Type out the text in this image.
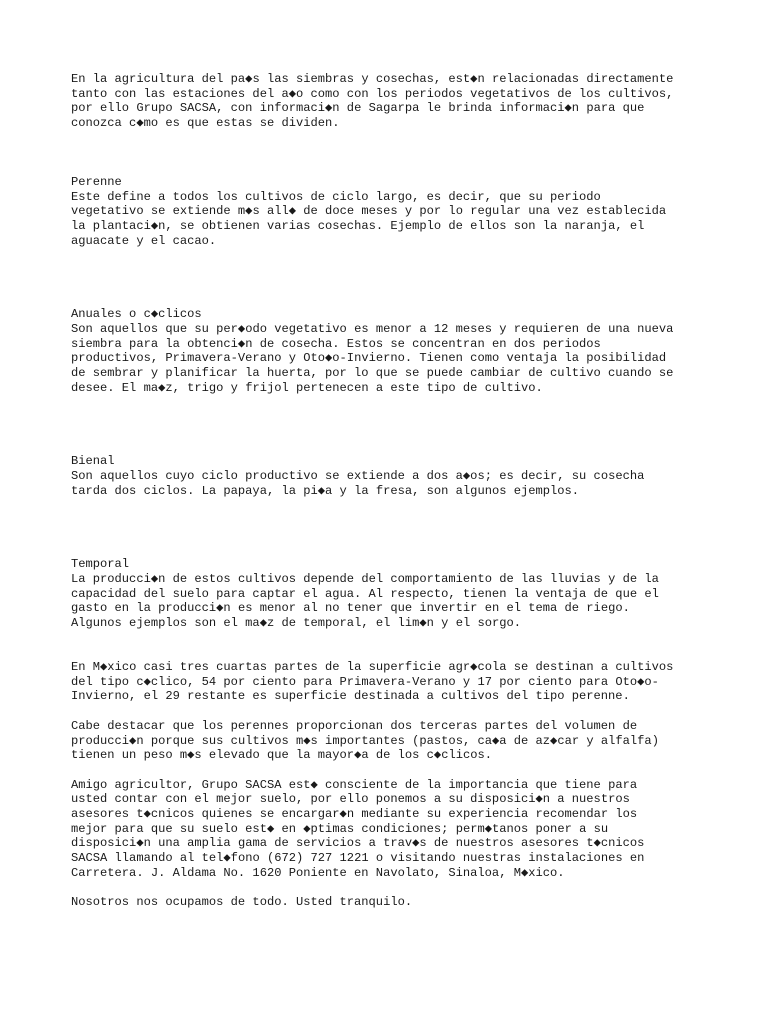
En la agricultura del pa◆s las siembras y cosechas, est◆n relacionadas directamente
tanto con las estaciones del a◆o como con los periodos vegetativos de los cultivos,
por ello Grupo SACSA, con informaci◆n de Sagarpa le brinda informaci◆n para que
conozca c◆mo es que estas se dividen.

Perenne
Este define a todos los cultivos de ciclo largo, es decir, que su periodo
vegetativo se extiende m◆s all◆ de doce meses y por lo regular una vez establecida
la plantaci◆n, se obtienen varias cosechas. Ejemplo de ellos son la naranja, el
aguacate y el cacao.

Anuales o c◆clicos
Son aquellos que su per◆odo vegetativo es menor a 12 meses y requieren de una nueva
siembra para la obtenci◆n de cosecha. Estos se concentran en dos periodos
productivos, Primavera-Verano y Oto◆o-Invierno. Tienen como ventaja la posibilidad
de sembrar y planificar la huerta, por lo que se puede cambiar de cultivo cuando se
desee. El ma◆z, trigo y frijol pertenecen a este tipo de cultivo.

Bienal
Son aquellos cuyo ciclo productivo se extiende a dos a◆os; es decir, su cosecha
tarda dos ciclos. La papaya, la pi◆a y la fresa, son algunos ejemplos.

Temporal
La producci◆n de estos cultivos depende del comportamiento de las lluvias y de la
capacidad del suelo para captar el agua. Al respecto, tienen la ventaja de que el
gasto en la producci◆n es menor al no tener que invertir en el tema de riego.
Algunos ejemplos son el ma◆z de temporal, el lim◆n y el sorgo.

En M◆xico casi tres cuartas partes de la superficie agr◆cola se destinan a cultivos
del tipo c◆clico, 54 por ciento para Primavera-Verano y 17 por ciento para Oto◆o-
Invierno, el 29 restante es superficie destinada a cultivos del tipo perenne.

Cabe destacar que los perennes proporcionan dos terceras partes del volumen de
producci◆n porque sus cultivos m◆s importantes (pastos, ca◆a de az◆car y alfalfa)
tienen un peso m◆s elevado que la mayor◆a de los c◆clicos.

Amigo agricultor, Grupo SACSA est◆ consciente de la importancia que tiene para
usted contar con el mejor suelo, por ello ponemos a su disposici◆n a nuestros
asesores t◆cnicos quienes se encargar◆n mediante su experiencia recomendar los
mejor para que su suelo est◆ en ◆ptimas condiciones; perm◆tanos poner a su
disposici◆n una amplia gama de servicios a trav◆s de nuestros asesores t◆cnicos
SACSA llamando al tel◆fono (672) 727 1221 o visitando nuestras instalaciones en
Carretera. J. Aldama No. 1620 Poniente en Navolato, Sinaloa, M◆xico.

Nosotros nos ocupamos de todo. Usted tranquilo.
